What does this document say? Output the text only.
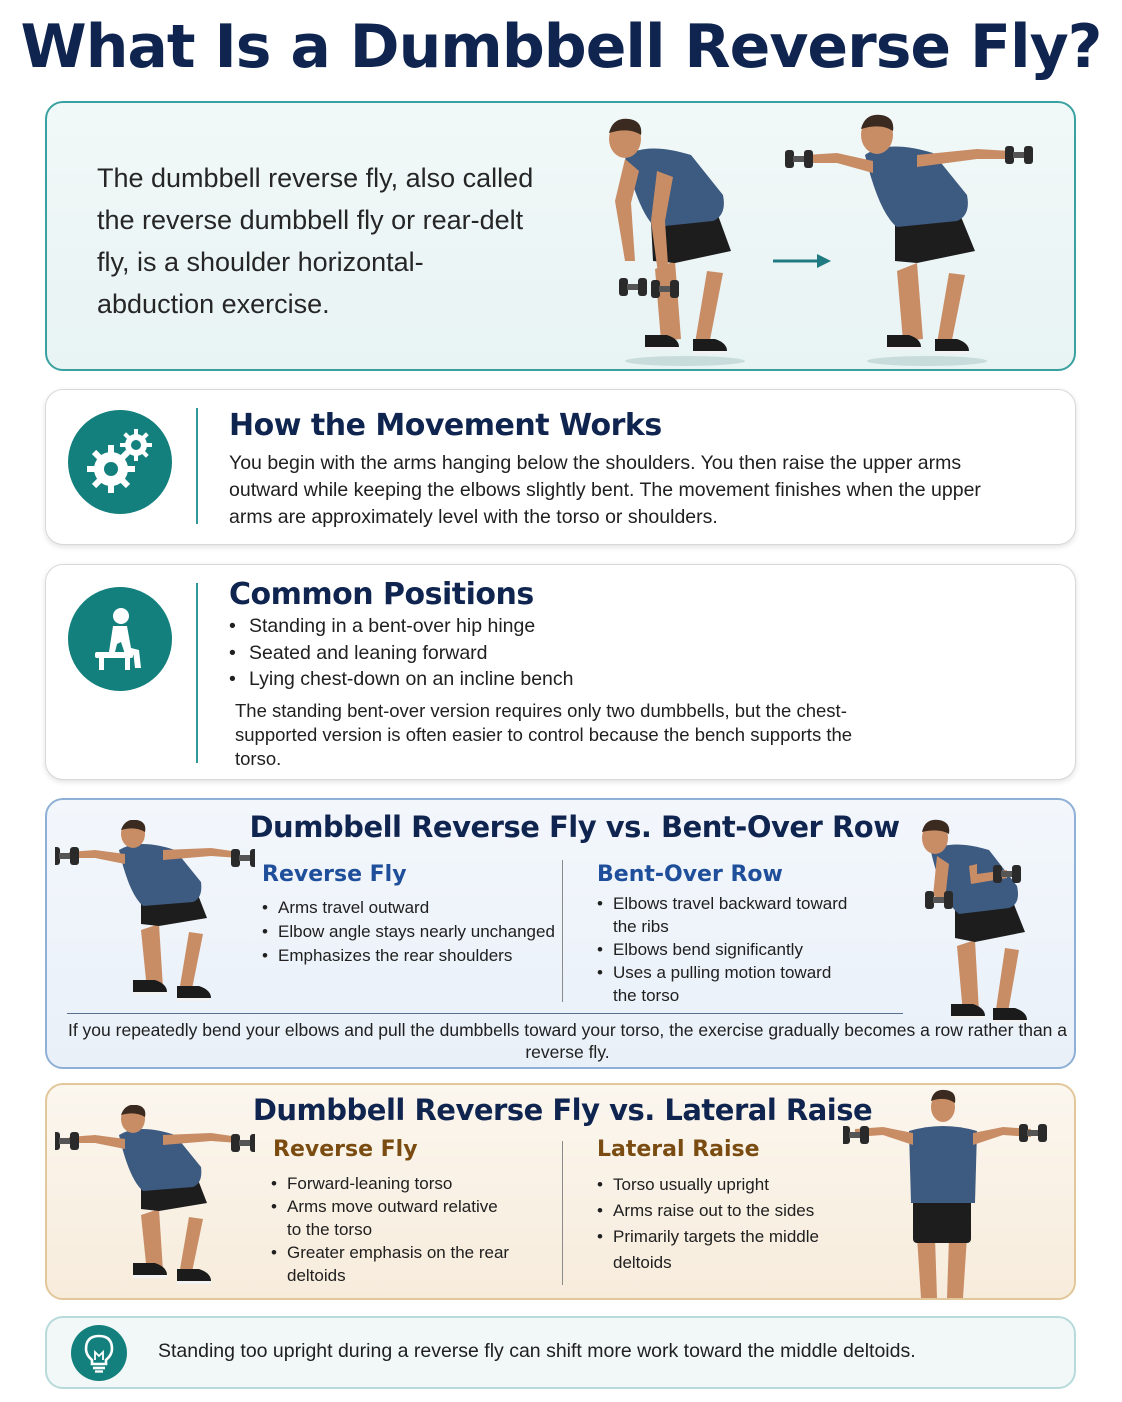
What Is a Dumbbell Reverse Fly?

The dumbbell reverse fly, also called the reverse dumbbell fly or rear-delt fly, is a shoulder horizontal-abduction exercise.

How the Movement Works

You begin with the arms hanging below the shoulders. You then raise the upper arms outward while keeping the elbows slightly bent. The movement finishes when the upper arms are approximately level with the torso or shoulders.

Common Positions
• Standing in a bent-over hip hinge
• Seated and leaning forward
• Lying chest-down on an incline bench

The standing bent-over version requires only two dumbbells, but the chest-supported version is often easier to control because the bench supports the torso.

Dumbbell Reverse Fly vs. Bent-Over Row
Reverse Fly
• Arms travel outward
• Elbow angle stays nearly unchanged
• Emphasizes the rear shoulders
Bent-Over Row
• Elbows travel backward toward the ribs
• Elbows bend significantly
• Uses a pulling motion toward the torso

If you repeatedly bend your elbows and pull the dumbbells toward your torso, the exercise gradually becomes a row rather than a reverse fly.

Dumbbell Reverse Fly vs. Lateral Raise
Reverse Fly
• Forward-leaning torso
• Arms move outward relative to the torso
• Greater emphasis on the rear deltoids
Lateral Raise
• Torso usually upright
• Arms raise out to the sides
• Primarily targets the middle deltoids
Standing too upright during a reverse fly can shift more work toward the middle deltoids.
